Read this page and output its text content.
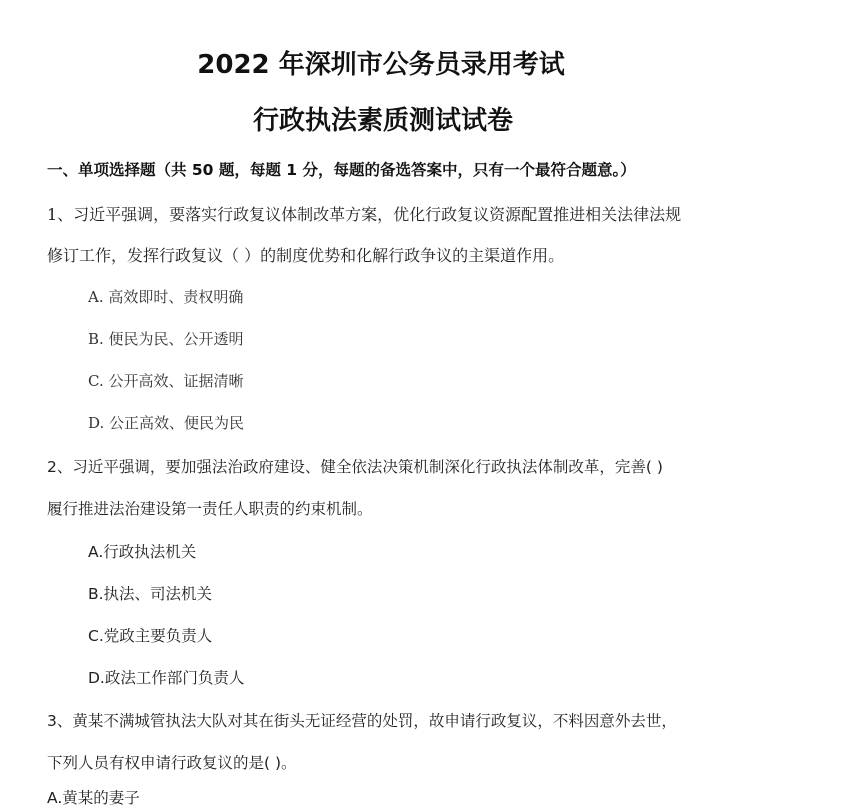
2022 年深圳市公务员录用考试
行政执法素质测试试卷
一、单项选择题（共 50 题，每题 1 分，每题的备选答案中，只有一个最符合题意。）
1、习近平强调，要落实行政复议体制改革方案，优化行政复议资源配置推进相关法律法规
修订工作，发挥行政复议（ ）的制度优势和化解行政争议的主渠道作用。
A. 高效即时、责权明确
B. 便民为民、公开透明
C. 公开高效、证据清晰
D. 公正高效、便民为民
2、习近平强调，要加强法治政府建设、健全依法决策机制深化行政执法体制改革，完善( )
履行推进法治建设第一责任人职责的约束机制。
A.行政执法机关
B.执法、司法机关
C.党政主要负责人
D.政法工作部门负责人
3、黄某不满城管执法大队对其在街头无证经营的处罚，故申请行政复议，不料因意外去世，
下列人员有权申请行政复议的是( )。
A.黄某的妻子
